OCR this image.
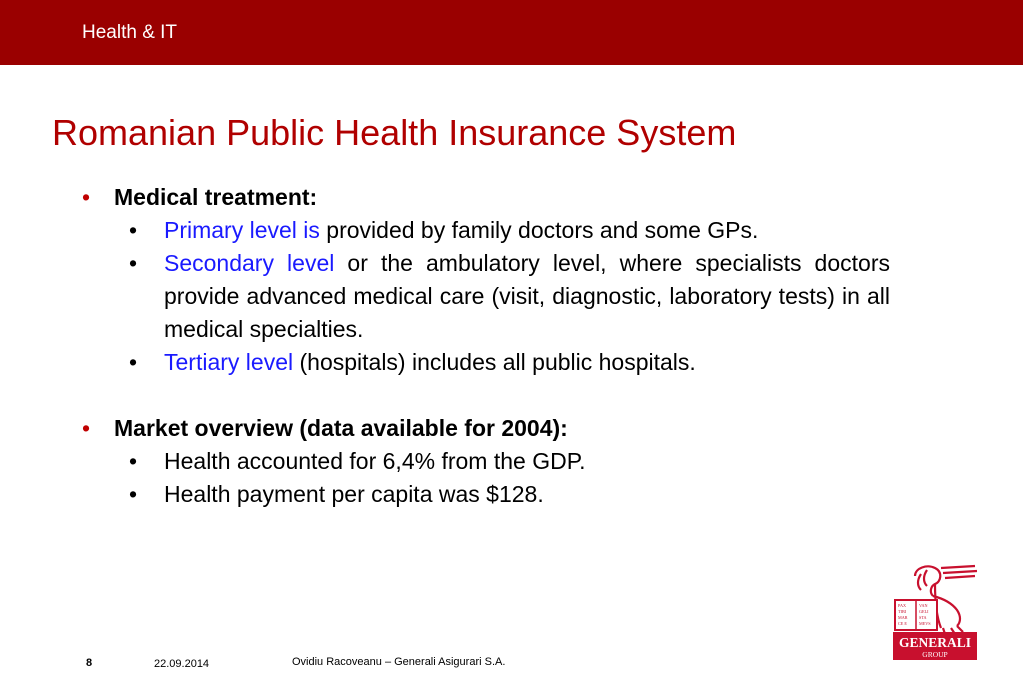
Health & IT
Romanian Public Health Insurance System
• Medical treatment:
• Primary level is provided by family doctors and some GPs.
• Secondary level or the ambulatory level, where specialists doctors provide advanced medical care (visit, diagnostic, laboratory tests) in all medical specialties.
• Tertiary level (hospitals) includes all public hospitals.
• Market overview (data available for 2004):
• Health accounted for 6,4% from the GDP.
• Health payment per capita was $128.
PAX
TIBI
MAR
CE E
VAN
GELI
STA
MEVS
GENERALI
GROUP
8	22.09.2014	Ovidiu Racoveanu – Generali Asigurari S.A.
